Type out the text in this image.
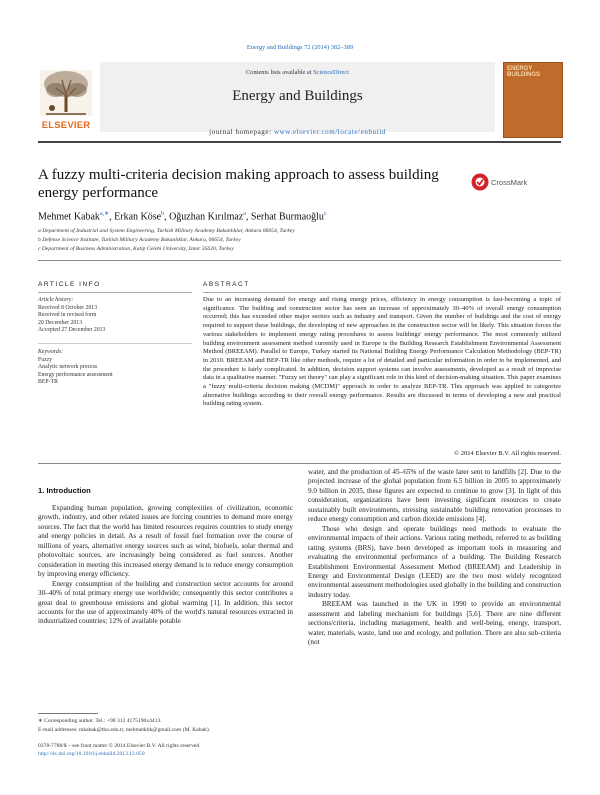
Energy and Buildings 72 (2014) 382–389
Contents lists available at ScienceDirect
Energy and Buildings
ELSEVIER
ENERGY BUILDINGS
journal homepage: www.elsevier.com/locate/enbuild
A fuzzy multi-criteria decision making approach to assess building energy performance
CrossMark
Mehmet Kabak$^{a,∗}$, Erkan Köse$^b$, Oğuzhan Kırılmaz$^a$, Serhat Burmaoğlu$^c$
a Department of Industrial and System Engineering, Turkish Military Academy Bakanlıklar, Ankara 06654, Turkey
b Defense Science Institute, Turkish Military Academy Bakanlıklar, Ankara, 06654, Turkey
c Department of Business Administration, Katip Celebi University, Izmir 35620, Turkey
ARTICLE INFO	ABSTRACT
Article history:
Received 8 October 2013
Received in revised form
20 December 2013
Accepted 27 December 2013
Keywords:
Fuzzy
Analytic network process
Energy performance assessment
BEP-TR
Due to an increasing demand for energy and rising energy prices, efficiency in energy consumption is fast-becoming a topic of significance. The building and construction sector has seen an increase of approximately 30–40% of overall energy consumption occurred; this has exceeded other major sectors such as industry and transport. Given the number of buildings and the cost of energy required to support these buildings, the developing of new approaches in the construction sector will be likely. This situation forces the various stakeholders to implement energy rating procedures to assess buildings' energy performance. The most commonly utilized building environment assessment method currently used in Europe is the Building Research Establishment Environmental Assessment Method (BREEAM). Parallel to Europe, Turkey started its National Building Energy Performance Calculation Methodology (BEP-TR) in 2010. BREEAM and BEP-TR like other methods, require a lot of detailed and particular information in order to be implemented, and the procedure is fairly complicated. In addition, decision support systems can involve assessments, developed as a result of imprecise data in a qualitative manner. "Fuzzy set theory" can play a significant role in this kind of decision-making situation. This paper examines a "fuzzy multi-criteria decision making (MCDM)" approach in order to analyze BEP-TR. This approach was applied to categorize alternative buildings according to their overall energy performance. Results are discussed in terms of developing a new and practical building rating system.
© 2014 Elsevier B.V. All rights reserved.
1. Introduction

Expanding human population, growing complexities of civilization, economic growth, industry, and other related issues are forcing countries to demand more energy sources. The fact that the world has limited resources requires countries to study energy and energy policies in detail. As a result of fossil fuel formation over the course of millions of years, alternative energy sources such as wind, biofuels, solar thermal and photovoltaic sources, are increasingly being considered as fuel sources. Another consideration in meeting this increased energy demand is to reduce energy consumption by improving energy efficiency.

Energy consumption of the building and construction sector accounts for around 30–40% of total primary energy use worldwide; consequently this sector contributes a great deal to greenhouse emissions and global warming [1]. In addition, this sector accounts for the use of approximately 40% of the world's natural resources extracted in industrialized countries; 12% of available potable

water, and the production of 45–65% of the waste later sent to landfills [2]. Due to the projected increase of the global population from 6.5 billion in 2005 to approximately 9.0 billion in 2035, these figures are expected to continue to grow [3]. In light of this consideration, organizations have been investing significant resources to create sustainably built environments, stressing sustainable building renovation processes to reduce energy consumption and carbon dioxide emissions [4].

Those who design and operate buildings need methods to evaluate the environmental impacts of their actions. Various rating methods, referred to as building rating systems (BRS), have been developed as important tools in measuring and evaluating the environmental performance of a building. The Building Research Establishment Environmental Assessment Method (BREEAM) and Leadership in Energy and Environmental Design (LEED) are the two most widely recognized environmental assessment methodologies used globally in the building and construction industry today.

BREEAM was launched in the UK in 1990 to provide an environmental assessment and labeling mechanism for buildings [5,6]. There are nine different sections/criteria, including management, health and well-being, energy, transport, water, materials, waste, land use and ecology, and pollution. There are also sub-criteria (not

∗ Corresponding author. Tel.: +90 312 4175190x4413.
E-mail addresses: mkabak@tho.edu.tr, mehmetkbk@gmail.com (M. Kabak).
0378-7788/$ – see front matter © 2014 Elsevier B.V. All rights reserved.
http://dx.doi.org/10.1016/j.enbuild.2013.12.059
